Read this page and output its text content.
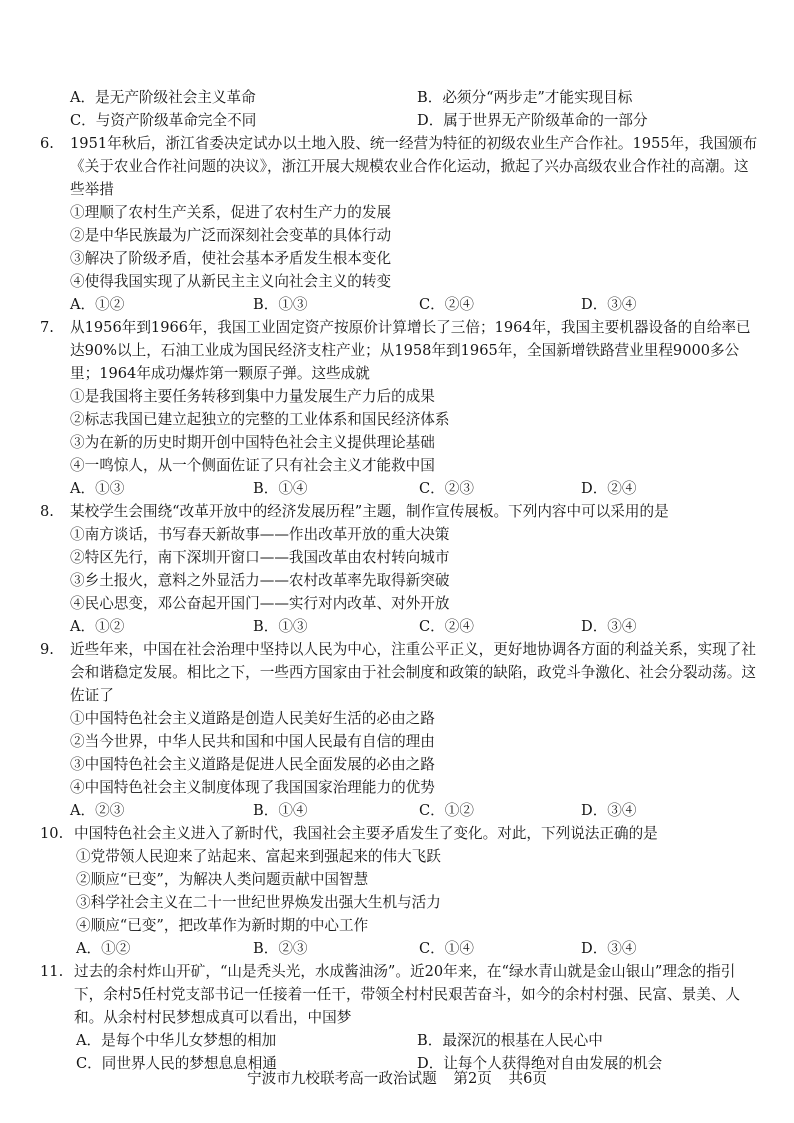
A．是无产阶级社会主义革命	B．必须分“两步走”才能实现目标
C．与资产阶级革命完全不同	D．属于世界无产阶级革命的一部分
6.	1951年秋后，浙江省委决定试办以土地入股、统一经营为特征的初级农业生产合作社。1955年，我国颁布《关于农业合作社问题的决议》，浙江开展大规模农业合作化运动，掀起了兴办高级农业合作社的高潮。这些举措
①理顺了农村生产关系，促进了农村生产力的发展
②是中华民族最为广泛而深刻社会变革的具体行动
③解决了阶级矛盾，使社会基本矛盾发生根本变化
④使得我国实现了从新民主主义向社会主义的转变
A．①②	B．①③	C．②④	D．③④
7.	从1956年到1966年，我国工业固定资产按原价计算增长了三倍；1964年，我国主要机器设备的自给率已达90%以上，石油工业成为国民经济支柱产业；从1958年到1965年，全国新增铁路营业里程9000多公里；1964年成功爆炸第一颗原子弹。这些成就
①是我国将主要任务转移到集中力量发展生产力后的成果
②标志我国已建立起独立的完整的工业体系和国民经济体系
③为在新的历史时期开创中国特色社会主义提供理论基础
④一鸣惊人，从一个侧面佐证了只有社会主义才能救中国
A．①③	B．①④	C．②③	D．②④
8.	某校学生会围绕“改革开放中的经济发展历程”主题，制作宣传展板。下列内容中可以采用的是
①南方谈话，书写春天新故事——作出改革开放的重大决策
②特区先行，南下深圳开窗口——我国改革由农村转向城市
③乡土报火，意料之外显活力——农村改革率先取得新突破
④民心思变，邓公奋起开国门——实行对内改革、对外开放
A．①②	B．①③	C．②④	D．③④
9.	近些年来，中国在社会治理中坚持以人民为中心，注重公平正义，更好地协调各方面的利益关系，实现了社会和谐稳定发展。相比之下，一些西方国家由于社会制度和政策的缺陷，政党斗争激化、社会分裂动荡。这佐证了
①中国特色社会主义道路是创造人民美好生活的必由之路
②当今世界，中华人民共和国和中国人民最有自信的理由
③中国特色社会主义道路是促进人民全面发展的必由之路
④中国特色社会主义制度体现了我国国家治理能力的优势
A．②③	B．①④	C．①②	D．③④
10. 中国特色社会主义进入了新时代，我国社会主要矛盾发生了变化。对此，下列说法正确的是
①党带领人民迎来了站起来、富起来到强起来的伟大飞跃
②顺应“已变”，为解决人类问题贡献中国智慧
③科学社会主义在二十一世纪世界焕发出强大生机与活力
④顺应“已变”，把改革作为新时期的中心工作
A．①②	B．②③	C．①④	D．③④
11. 过去的余村炸山开矿，“山是秃头光，水成酱油汤”。近20年来，在“绿水青山就是金山银山”理念的指引下，余村5任村党支部书记一任接着一任干，带领全村村民艰苦奋斗，如今的余村村强、民富、景美、人和。从余村村民梦想成真可以看出，中国梦
A．是每个中华儿女梦想的相加	B．最深沉的根基在人民心中
C．同世界人民的梦想息息相通	D．让每个人获得绝对自由发展的机会
宁波市九校联考高一政治试题 第2页 共6页
